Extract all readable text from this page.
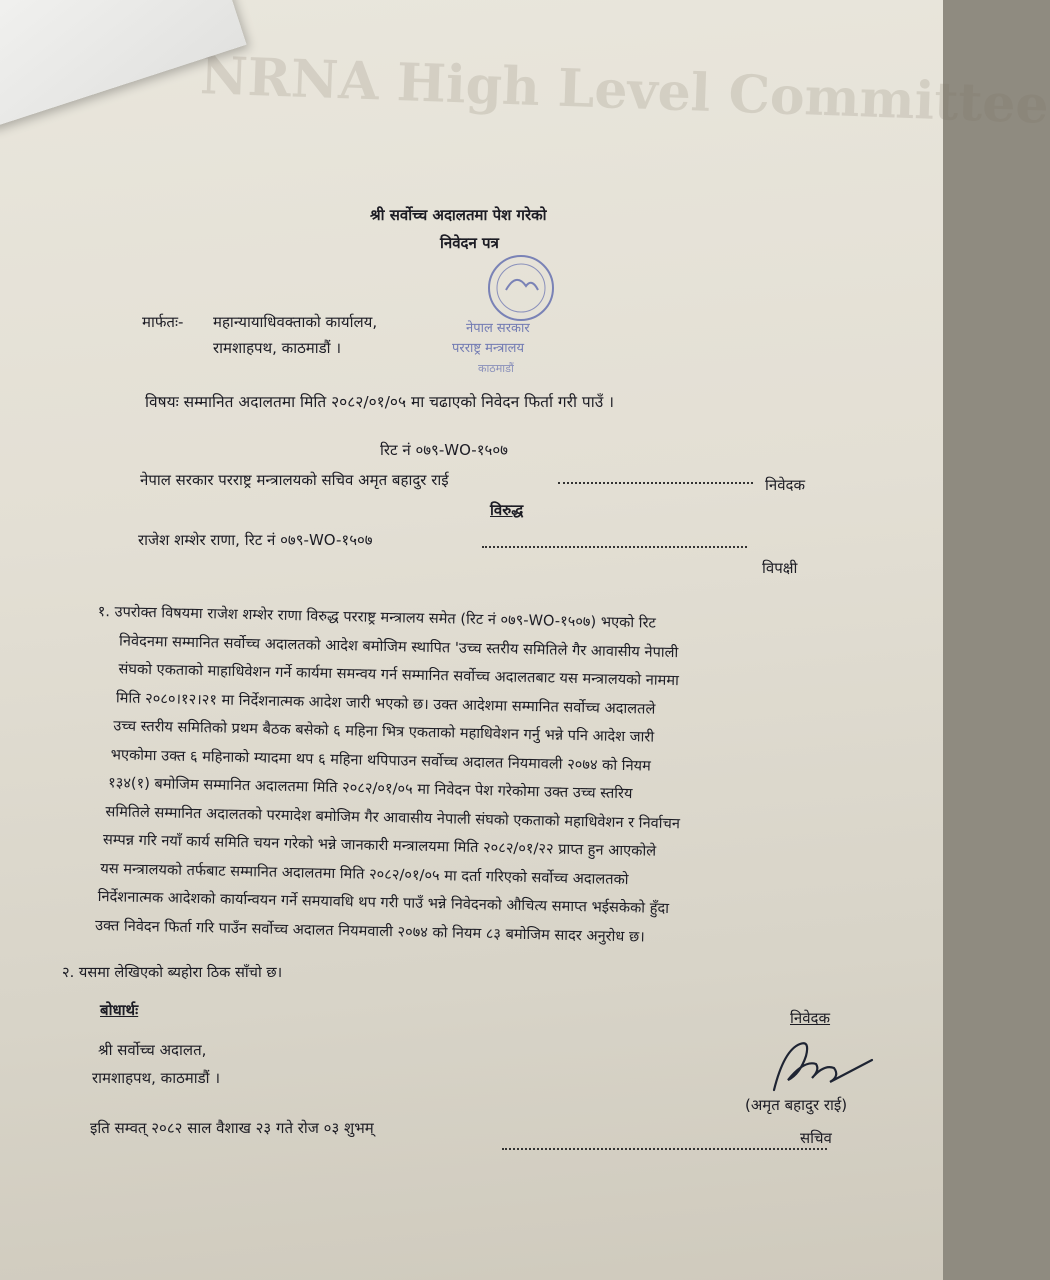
NRNA High Level Committee
श्री सर्वोच्च अदालतमा पेश गरेको
निवेदन पत्र
नेपाल सरकार
परराष्ट्र मन्त्रालय
काठमाडौं
मार्फतः- महान्यायाधिवक्ताको कार्यालय,
रामशाहपथ, काठमाडौं ।
विषयः सम्मानित अदालतमा मिति २०८२/०१/०५ मा चढाएको निवेदन फिर्ता गरी पाउँ ।
रिट नं ०७९-WO-१५०७
नेपाल सरकार परराष्ट्र मन्त्रालयको सचिव अमृत बहादुर राई	निवेदक
विरुद्ध
राजेश शम्शेर राणा, रिट नं ०७९-WO-१५०७
विपक्षी
१. उपरोक्त विषयमा राजेश शम्शेर राणा विरुद्ध परराष्ट्र मन्त्रालय समेत (रिट नं ०७९-WO-१५०७) भएको रिट
निवेदनमा सम्मानित सर्वोच्च अदालतको आदेश बमोजिम स्थापित 'उच्च स्तरीय समितिले गैर आवासीय नेपाली
संघको एकताको माहाधिवेशन गर्ने कार्यमा समन्वय गर्न सम्मानित सर्वोच्च अदालतबाट यस मन्त्रालयको नाममा
मिति २०८०।१२।२१ मा निर्देशनात्मक आदेश जारी भएको छ। उक्त आदेशमा सम्मानित सर्वोच्च अदालतले
उच्च स्तरीय समितिको प्रथम बैठक बसेको ६ महिना भित्र एकताको महाधिवेशन गर्नु भन्ने पनि आदेश जारी
भएकोमा उक्त ६ महिनाको म्यादमा थप ६ महिना थपिपाउन सर्वोच्च अदालत नियमावली २०७४ को नियम
१३४(१) बमोजिम सम्मानित अदालतमा मिति २०८२/०१/०५ मा निवेदन पेश गरेकोमा उक्त उच्च स्तरिय
समितिले सम्मानित अदालतको परमादेश बमोजिम गैर आवासीय नेपाली संघको एकताको महाधिवेशन र निर्वाचन
सम्पन्न गरि नयाँ कार्य समिति चयन गरेको भन्ने जानकारी मन्त्रालयमा मिति २०८२/०१/२२ प्राप्त हुन आएकोले
यस मन्त्रालयको तर्फबाट सम्मानित अदालतमा मिति २०८२/०१/०५ मा दर्ता गरिएको सर्वोच्च अदालतको
निर्देशनात्मक आदेशको कार्यान्वयन गर्ने समयावधि थप गरी पाउँ भन्ने निवेदनको औचित्य समाप्त भईसकेको हुँदा
उक्त निवेदन फिर्ता गरि पाउँन सर्वोच्च अदालत नियमवाली २०७४ को नियम ८३ बमोजिम सादर अनुरोध छ।
२. यसमा लेखिएको ब्यहोरा ठिक साँचो छ।
निवेदक
बोधार्थः
श्री सर्वोच्च अदालत,
रामशाहपथ, काठमाडौं ।
(अमृत बहादुर राई)
सचिव
इति सम्वत् २०८२ साल वैशाख २३ गते रोज ०३ शुभम्
